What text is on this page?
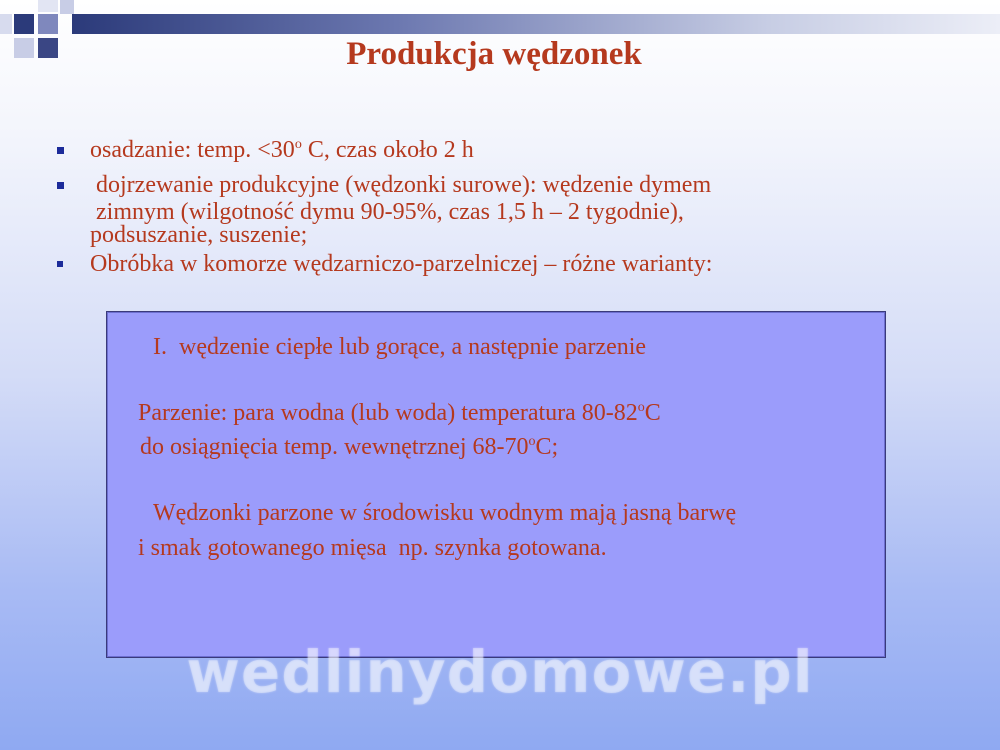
Produkcja wędzonek
osadzanie: temp. $<30^o$ C, czas około 2 h
dojrzewanie produkcyjne (wędzonki surowe): wędzenie dymem
zimnym (wilgotność dymu 90-95%, czas 1,5 h – 2 tygodnie),
podsuszanie, suszenie;
Obróbka w komorze wędzarniczo-parzelniczej – różne warianty:
I.  wędzenie ciepłe lub gorące, a następnie parzenie
Parzenie: para wodna (lub woda) temperatura 80-82$^o$C
do osiągnięcia temp. wewnętrznej 68-70$^o$C;
Wędzonki parzone w środowisku wodnym mają jasną barwę
i smak gotowanego mięsa  np. szynka gotowana.
wedlinydomowe.pl
